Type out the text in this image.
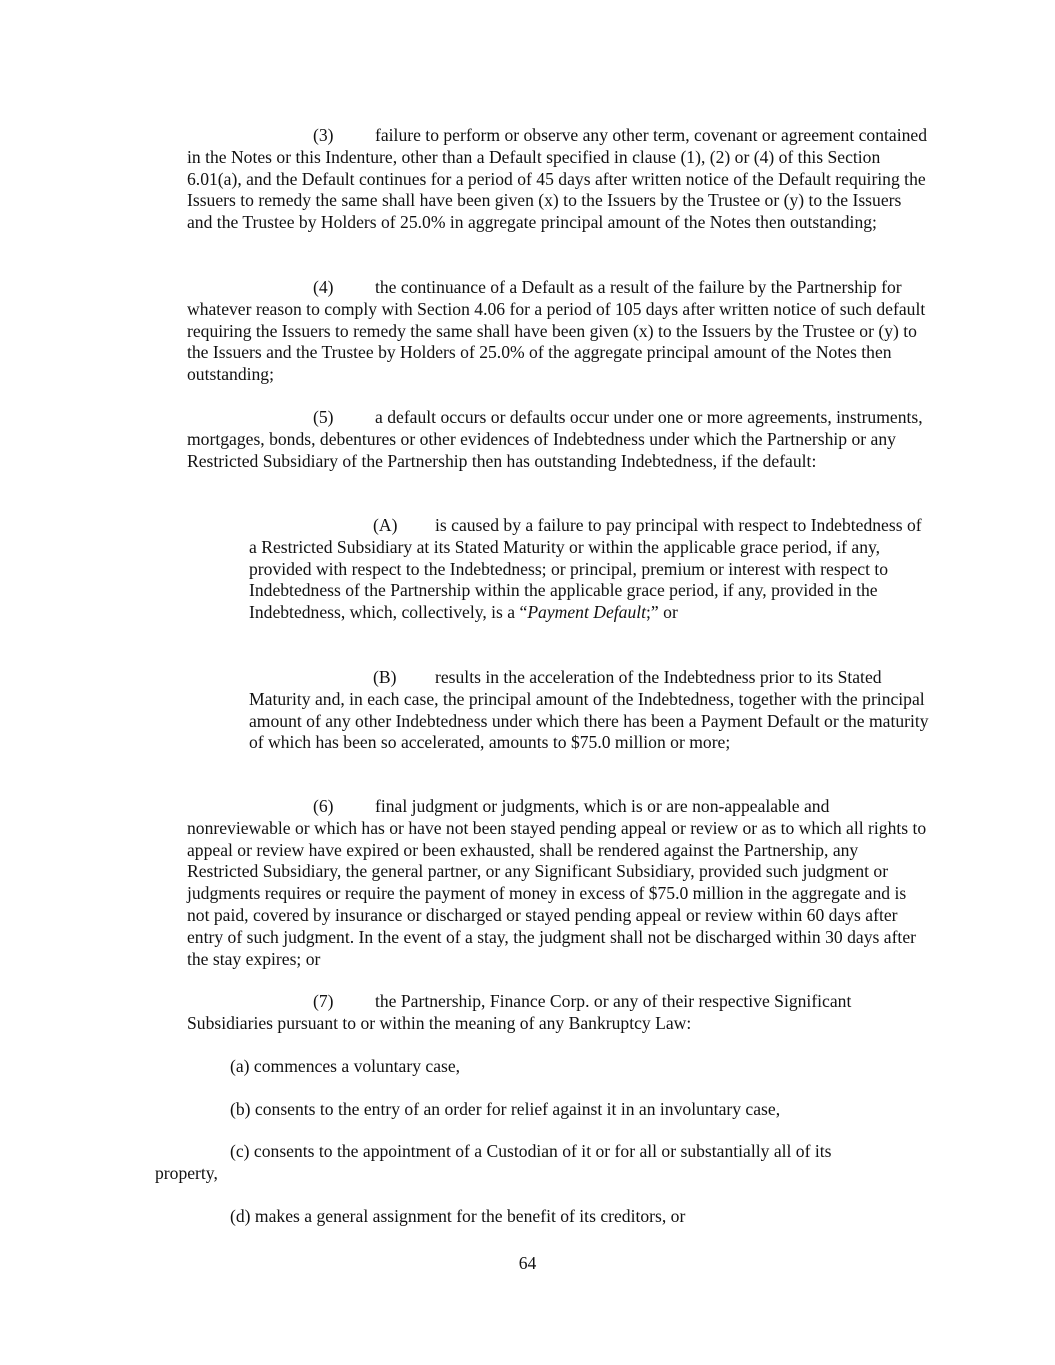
(3) failure to perform or observe any other term, covenant or agreement contained in the Notes or this Indenture, other than a Default specified in clause (1), (2) or (4) of this Section 6.01(a), and the Default continues for a period of 45 days after written notice of the Default requiring the Issuers to remedy the same shall have been given (x) to the Issuers by the Trustee or (y) to the Issuers and the Trustee by Holders of 25.0% in aggregate principal amount of the Notes then outstanding;

(4) the continuance of a Default as a result of the failure by the Partnership for whatever reason to comply with Section 4.06 for a period of 105 days after written notice of such default requiring the Issuers to remedy the same shall have been given (x) to the Issuers by the Trustee or (y) to the Issuers and the Trustee by Holders of 25.0% of the aggregate principal amount of the Notes then outstanding;

(5) a default occurs or defaults occur under one or more agreements, instruments, mortgages, bonds, debentures or other evidences of Indebtedness under which the Partnership or any Restricted Subsidiary of the Partnership then has outstanding Indebtedness, if the default:

(A) is caused by a failure to pay principal with respect to Indebtedness of a Restricted Subsidiary at its Stated Maturity or within the applicable grace period, if any, provided with respect to the Indebtedness; or principal, premium or interest with respect to Indebtedness of the Partnership within the applicable grace period, if any, provided in the Indebtedness, which, collectively, is a “Payment Default;” or

(B) results in the acceleration of the Indebtedness prior to its Stated Maturity and, in each case, the principal amount of the Indebtedness, together with the principal amount of any other Indebtedness under which there has been a Payment Default or the maturity of which has been so accelerated, amounts to $75.0 million or more;

(6) final judgment or judgments, which is or are non-appealable and nonreviewable or which has or have not been stayed pending appeal or review or as to which all rights to appeal or review have expired or been exhausted, shall be rendered against the Partnership, any Restricted Subsidiary, the general partner, or any Significant Subsidiary, provided such judgment or judgments requires or require the payment of money in excess of $75.0 million in the aggregate and is not paid, covered by insurance or discharged or stayed pending appeal or review within 60 days after entry of such judgment. In the event of a stay, the judgment shall not be discharged within 30 days after the stay expires; or

(7) the Partnership, Finance Corp. or any of their respective Significant Subsidiaries pursuant to or within the meaning of any Bankruptcy Law:

(a) commences a voluntary case,

(b) consents to the entry of an order for relief against it in an involuntary case,

(c) consents to the appointment of a Custodian of it or for all or substantially all of its property,

(d) makes a general assignment for the benefit of its creditors, or

64
